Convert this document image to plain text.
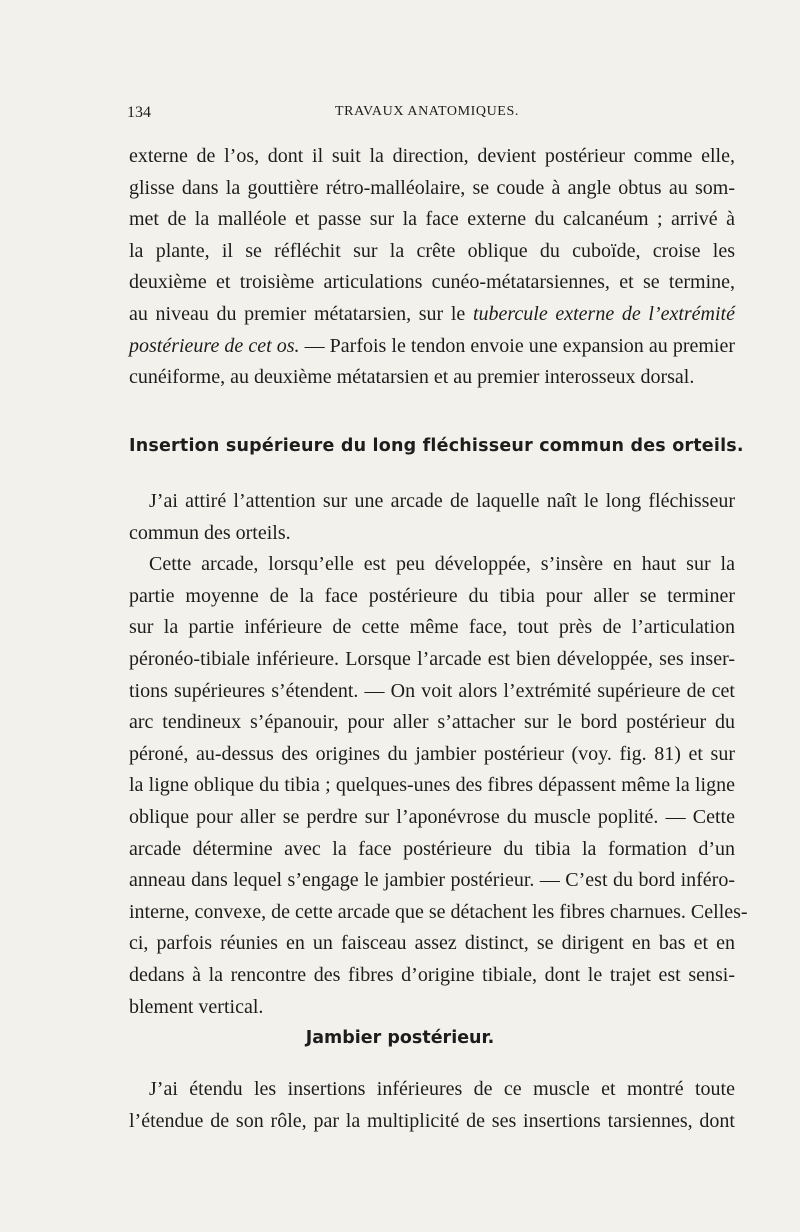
134	TRAVAUX ANATOMIQUES.
externe de l’os, dont il suit la direction, devient postérieur comme elle,
glisse dans la gouttière rétro-malléolaire, se coude à angle obtus au som-
met de la malléole et passe sur la face externe du calcanéum ; arrivé à
la plante, il se réfléchit sur la crête oblique du cuboïde, croise les
deuxième et troisième articulations cunéo-métatarsiennes, et se termine,
au niveau du premier métatarsien, sur le tubercule externe de l’extrémité
postérieure de cet os. — Parfois le tendon envoie une expansion au premier
cunéiforme, au deuxième métatarsien et au premier interosseux dorsal.
Insertion supérieure du long fléchisseur commun des orteils.
J’ai attiré l’attention sur une arcade de laquelle naît le long fléchisseur
commun des orteils.
Cette arcade, lorsqu’elle est peu développée, s’insère en haut sur la
partie moyenne de la face postérieure du tibia pour aller se terminer
sur la partie inférieure de cette même face, tout près de l’articulation
péronéo-tibiale inférieure. Lorsque l’arcade est bien développée, ses inser-
tions supérieures s’étendent. — On voit alors l’extrémité supérieure de cet
arc tendineux s’épanouir, pour aller s’attacher sur le bord postérieur du
péroné, au-dessus des origines du jambier postérieur (voy. fig. 81) et sur
la ligne oblique du tibia ; quelques-unes des fibres dépassent même la ligne
oblique pour aller se perdre sur l’aponévrose du muscle poplité. — Cette
arcade détermine avec la face postérieure du tibia la formation d’un
anneau dans lequel s’engage le jambier postérieur. — C’est du bord inféro-
interne, convexe, de cette arcade que se détachent les fibres charnues. Celles-
ci, parfois réunies en un faisceau assez distinct, se dirigent en bas et en
dedans à la rencontre des fibres d’origine tibiale, dont le trajet est sensi-
blement vertical.
Jambier postérieur.
J’ai étendu les insertions inférieures de ce muscle et montré toute
l’étendue de son rôle, par la multiplicité de ses insertions tarsiennes, dont
